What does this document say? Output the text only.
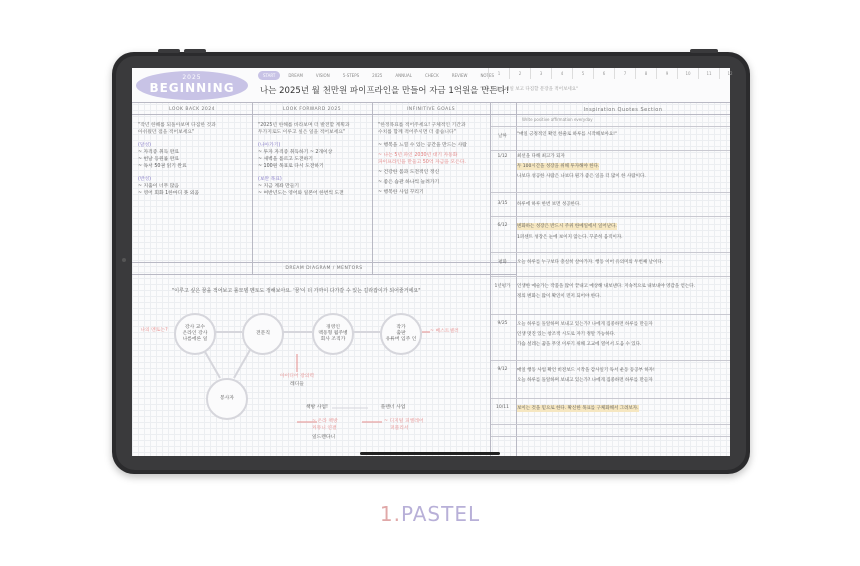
2025
BEGINNING
START	DREAM	VISION	5-STEPS	2025	ANNUAL	CHECK	REVIEW	NOTES 1	2	3	4	5	6	7	8	9	10	11	12
나는 2025년 월 천만원 파이프라인을 만들어 자금 1억원을 만든다!
"1년 목표나 매일 보고 다짐할 문장을 적어보세요"
LOOK BACK 2024	LOOK FORWARD 2025	INFINITIVE GOALS	Inspiration Quotes Section
"작년 한해를 되돌아보며 다짐한 것과
아쉬웠던 점을 적어보세요"
(달성)
~ 자격증 취득 완료
~ 헌날 등원률 완료
~ 독서 50권 읽기 완료
(반성)
~ 지출이 너무 많음
~ 영어 회화 1한마디 못 외움
"2025년 한해를 바라보며 더 발전할 계획과
두가지로도 이루고 싶은 일을 적어보세요"
(나아가기)
~ 투자 자격증 취득하기 ~ 2개이상
~ 새벽을 틀르고 도전하기
~ 100원 목표로 다시 도전하기
(보완 목표)
~ 지금 계좌 만들기
~ 여반년도는 영어와 일본어 한번씩 도전
"한정목표를 적어주세요! 구체적인 기간과
수치를 함께 적어주시면 더 좋습니다"
~ 행복을 느낄 수 있는 공간을 만드는 사람
~ 나는 5년 파인 2030년 대기 자동화
파이프라인을 만들고 50억 자금을 모은다.
~ 건강한 몸과 도전적인 정신
~ 좋은 습관 하나씩 늘려가기
~ 행복한 사업 꾸리기
DREAM DIAGRAM / MENTORS
"이루고 싶은 꿈을 적어보고 롤모델 멘토도 정해보아요. '꿈'이 더 가까이 다가갈 수 있는 길라잡이가 되어줄거에요"
나의 멘토는?
강사 교수
온라인 강사
나름에른 일
전문직
경영인
맥동형 월주병
회사 조직가
작가
출판
유튜버 입주 인
봉사자
~ 베스트셀러
아이디어 장의력
레디들
책방 사업!	플랜너 사업
~ 온라 책방
커뮤니 연결
일드렌다니
~ 디지털 피엘레어
퍼블리서
Write positive affirmation everyday
날짜	"매일 긍정적인 확언 한줄로 하루를 시작해보아요!"
1/12	최선을 다해 최고가 되자
두 100시간을 성장을 위해 투자해야 한다.
나보다 성공한 사람은 나보다 뭔가 좋은 일을 더 많이 한 사람이다.
3/15	하루에 하루 한번 보면 성공한다.
6/12	변화하는 성장은 반드시 주위 한예일에서 일어난다.
1퍼센트 성장은 눈에 보이지 않는다. 꾸준히 움직이자.
평화	오늘 하루를 누구보다 충실히 살아가자. 행동 이어 유의미의 두번째 날이다.
1년평가	인생한 예술가는 작품을 많이 끝내고 예상해 내보낸다. 지속적으로 내보내야 영감을 얻는다.
정의 변화는 많이 확인이 먼저 되어야 한다.
9/25	오늘 하루를 돌알하며 보내고 있는가? 나에게 집중하면 하루를 만들자
인생 멋진 있는 창조적 시도로 자기 정말 가능하다.
가슴 설레는 꿈을 무엇 이루기 위해 고교에 열어서 도움 수 있다.
9/12	매일 행동 사업 확언 비전보드 시작을 감사일기 독서 운동 등공부 하자!
오늘 하루를 돌알하며 보내고 있는가? 나에게 집중하면 하루를 만들자
10/11	보이는 것을 믿으로 한다. 확신한 목표를 구체화해서 그려보자.
1.PASTEL
